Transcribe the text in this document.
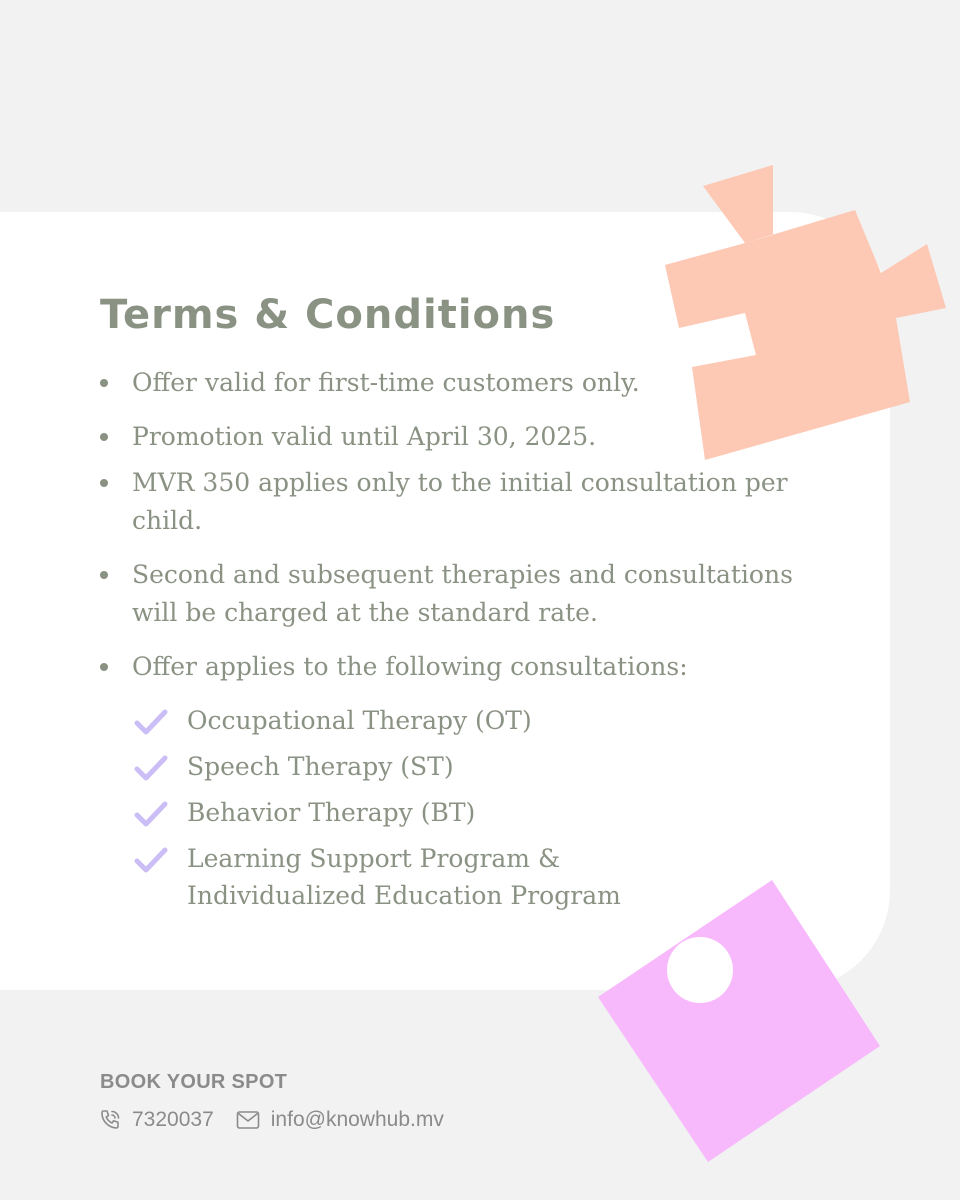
Terms & Conditions
Offer valid for first-time customers only.
Promotion valid until April 30, 2025.
MVR 350 applies only to the initial consultation per child.
Second and subsequent therapies and consultations will be charged at the standard rate.
Offer applies to the following consultations:
Occupational Therapy (OT)
Speech Therapy (ST)
Behavior Therapy (BT)
Learning Support Program & Individualized Education Program
BOOK YOUR SPOT
7320037	info@knowhub.mv
